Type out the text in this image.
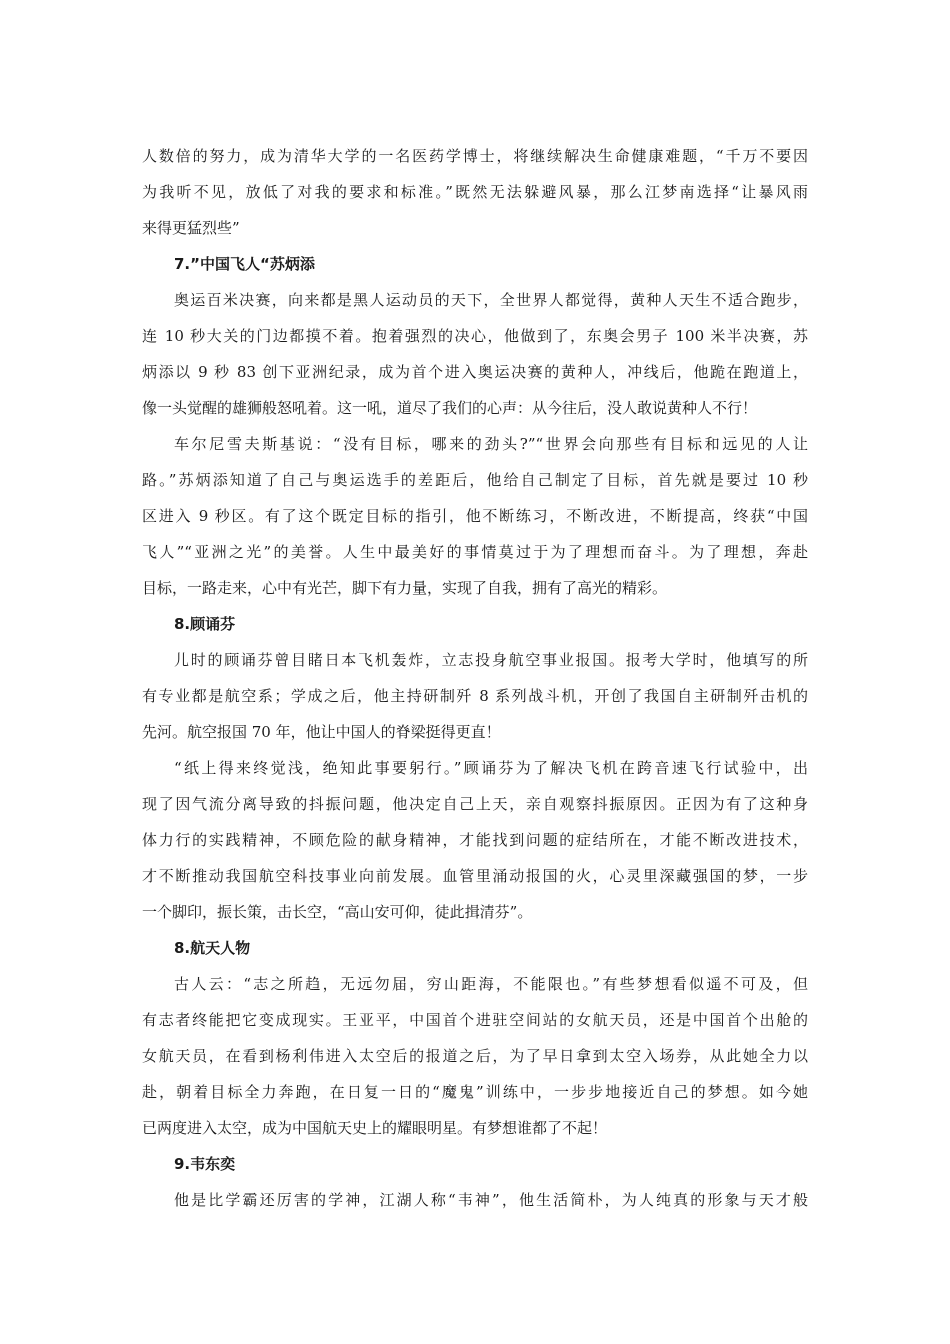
人数倍的努力，成为清华大学的一名医药学博士，将继续解决生命健康难题，“千万不要因
为我听不见，放低了对我的要求和标准。”既然无法躲避风暴，那么江梦南选择“让暴风雨
来得更猛烈些”
7.”中国飞人“苏炳添
奥运百米决赛，向来都是黑人运动员的天下，全世界人都觉得，黄种人天生不适合跑步，
连 10 秒大关的门边都摸不着。抱着强烈的决心，他做到了，东奥会男子 100 米半决赛，苏
炳添以 9 秒 83 创下亚洲纪录，成为首个进入奥运决赛的黄种人，冲线后，他跪在跑道上，
像一头觉醒的雄狮般怒吼着。这一吼，道尽了我们的心声：从今往后，没人敢说黄种人不行！
车尔尼雪夫斯基说：“没有目标，哪来的劲头?”“世界会向那些有目标和远见的人让
路。”苏炳添知道了自己与奥运选手的差距后，他给自己制定了目标，首先就是要过 10 秒
区进入 9 秒区。有了这个既定目标的指引，他不断练习，不断改进，不断提高，终获“中国
飞人”“亚洲之光”的美誉。人生中最美好的事情莫过于为了理想而奋斗。为了理想，奔赴
目标，一路走来，心中有光芒，脚下有力量，实现了自我，拥有了高光的精彩。
8.顾诵芬
儿时的顾诵芬曾目睹日本飞机轰炸，立志投身航空事业报国。报考大学时，他填写的所
有专业都是航空系；学成之后，他主持研制歼 8 系列战斗机，开创了我国自主研制歼击机的
先河。航空报国 70 年，他让中国人的脊梁挺得更直！
“纸上得来终觉浅，绝知此事要躬行。”顾诵芬为了解决飞机在跨音速飞行试验中，出
现了因气流分离导致的抖振问题，他决定自己上天，亲自观察抖振原因。正因为有了这种身
体力行的实践精神，不顾危险的献身精神，才能找到问题的症结所在，才能不断改进技术，
才不断推动我国航空科技事业向前发展。血管里涌动报国的火，心灵里深藏强国的梦，一步
一个脚印，振长策，击长空，“高山安可仰，徒此揖清芬”。
8.航天人物
古人云：“志之所趋，无远勿届，穷山距海，不能限也。”有些梦想看似遥不可及，但
有志者终能把它变成现实。王亚平，中国首个进驻空间站的女航天员，还是中国首个出舱的
女航天员，在看到杨利伟进入太空后的报道之后，为了早日拿到太空入场券，从此她全力以
赴，朝着目标全力奔跑，在日复一日的“魔鬼”训练中，一步步地接近自己的梦想。如今她
已两度进入太空，成为中国航天史上的耀眼明星。有梦想谁都了不起！
9.韦东奕
他是比学霸还厉害的学神，江湖人称“韦神”，他生活简朴，为人纯真的形象与天才般
